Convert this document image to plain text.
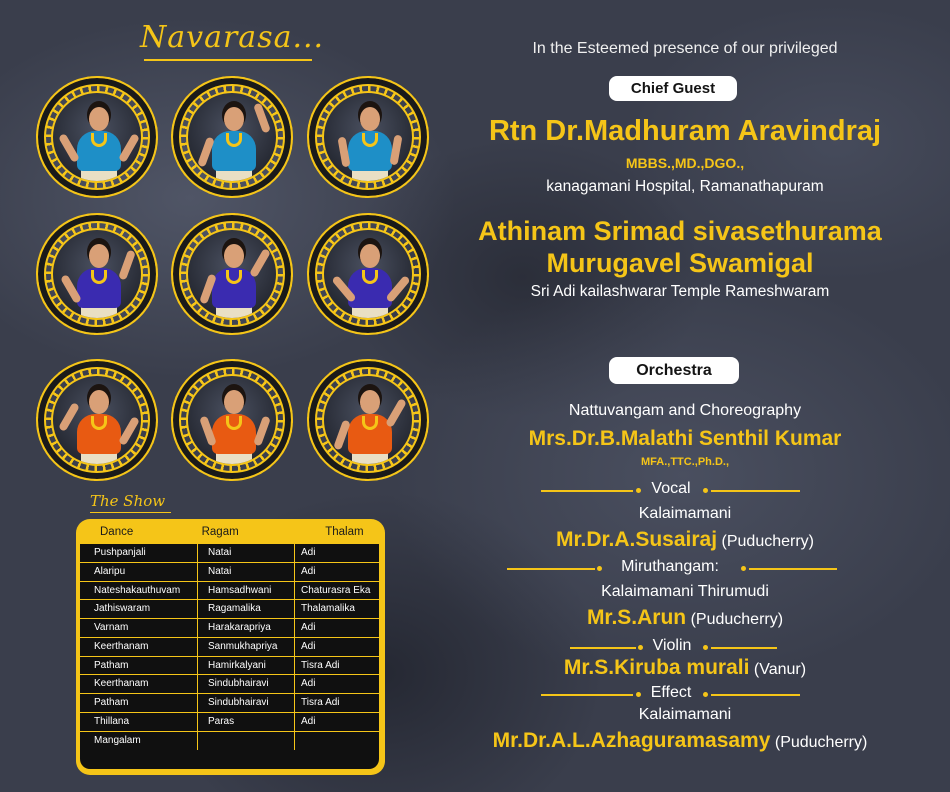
Navarasa...
The Show
Dance	Ragam	Thalam
Pushpanjali	Natai	Adi
Alaripu	Natai	Adi
Nateshakauthuvam	Hamsadhwani	Chaturasra Eka
Jathiswaram	Ragamalika	Thalamalika
Varnam	Harakarapriya	Adi
Keerthanam	Sanmukhapriya	Adi
Patham	Hamirkalyani	Tisra Adi
Keerthanam	Sindubhairavi	Adi
Patham	Sindubhairavi	Tisra Adi
Thillana	Paras	Adi
Mangalam
In the Esteemed presence of our privileged
Chief Guest
Rtn Dr.Madhuram Aravindraj
MBBS.,MD.,DGO.,
kanagamani Hospital, Ramanathapuram
Athinam Srimad sivasethurama
Murugavel Swamigal
Sri Adi kailashwarar Temple Rameshwaram
Orchestra
Nattuvangam and Choreography
Mrs.Dr.B.Malathi Senthil Kumar
MFA.,TTC.,Ph.D.,
Vocal
Kalaimamani
Mr.Dr.A.Susairaj (Puducherry)
Miruthangam:
Kalaimamani Thirumudi
Mr.S.Arun (Puducherry)
Violin
Mr.S.Kiruba murali (Vanur)
Effect
Kalaimamani
Mr.Dr.A.L.Azhaguramasamy (Puducherry)
